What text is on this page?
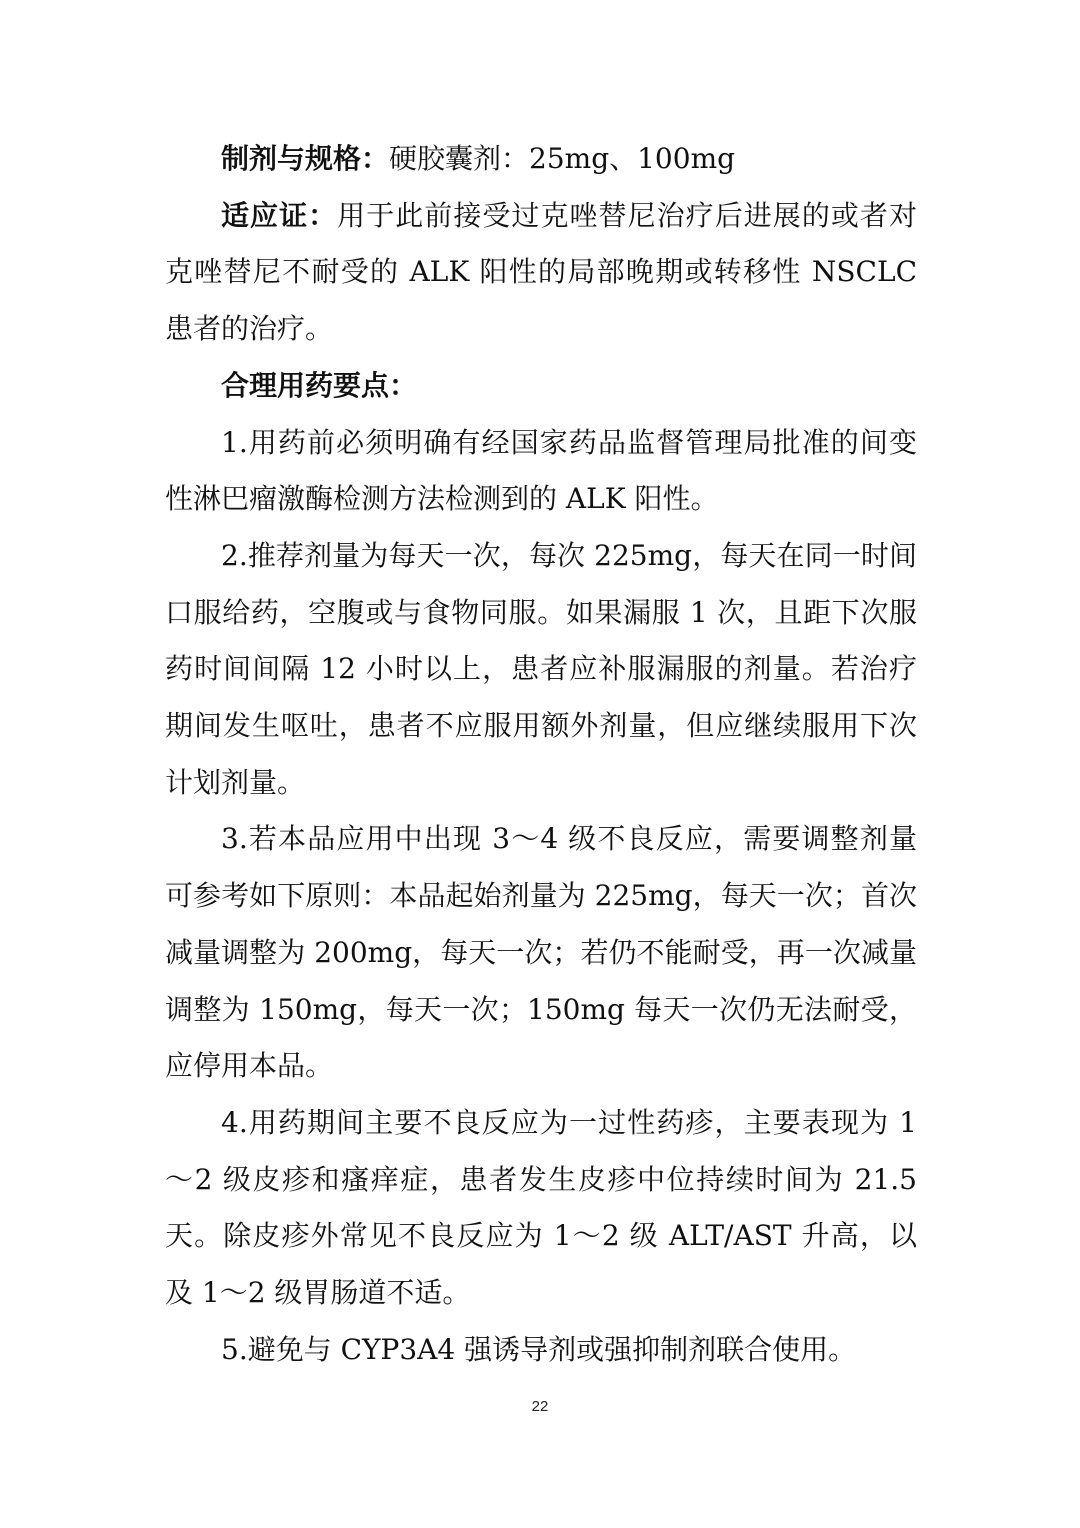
制剂与规格：硬胶囊剂：25mg、100mg

适应证：用于此前接受过克唑替尼治疗后进展的或者对克唑替尼不耐受的 ALK 阳性的局部晚期或转移性 NSCLC 患者的治疗。

合理用药要点：

1.用药前必须明确有经国家药品监督管理局批准的间变性淋巴瘤激酶检测方法检测到的 ALK 阳性。

2.推荐剂量为每天一次，每次 225mg，每天在同一时间口服给药，空腹或与食物同服。如果漏服 1 次，且距下次服药时间间隔 12 小时以上，患者应补服漏服的剂量。若治疗期间发生呕吐，患者不应服用额外剂量，但应继续服用下次计划剂量。

3.若本品应用中出现 3～4 级不良反应，需要调整剂量可参考如下原则：本品起始剂量为 225mg，每天一次；首次减量调整为 200mg，每天一次；若仍不能耐受，再一次减量调整为 150mg，每天一次；150mg 每天一次仍无法耐受，应停用本品。

4.用药期间主要不良反应为一过性药疹，主要表现为 1～2 级皮疹和瘙痒症，患者发生皮疹中位持续时间为 21.5 天。除皮疹外常见不良反应为 1～2 级 ALT/AST 升高，以及 1～2 级胃肠道不适。

5.避免与 CYP3A4 强诱导剂或强抑制剂联合使用。

22
